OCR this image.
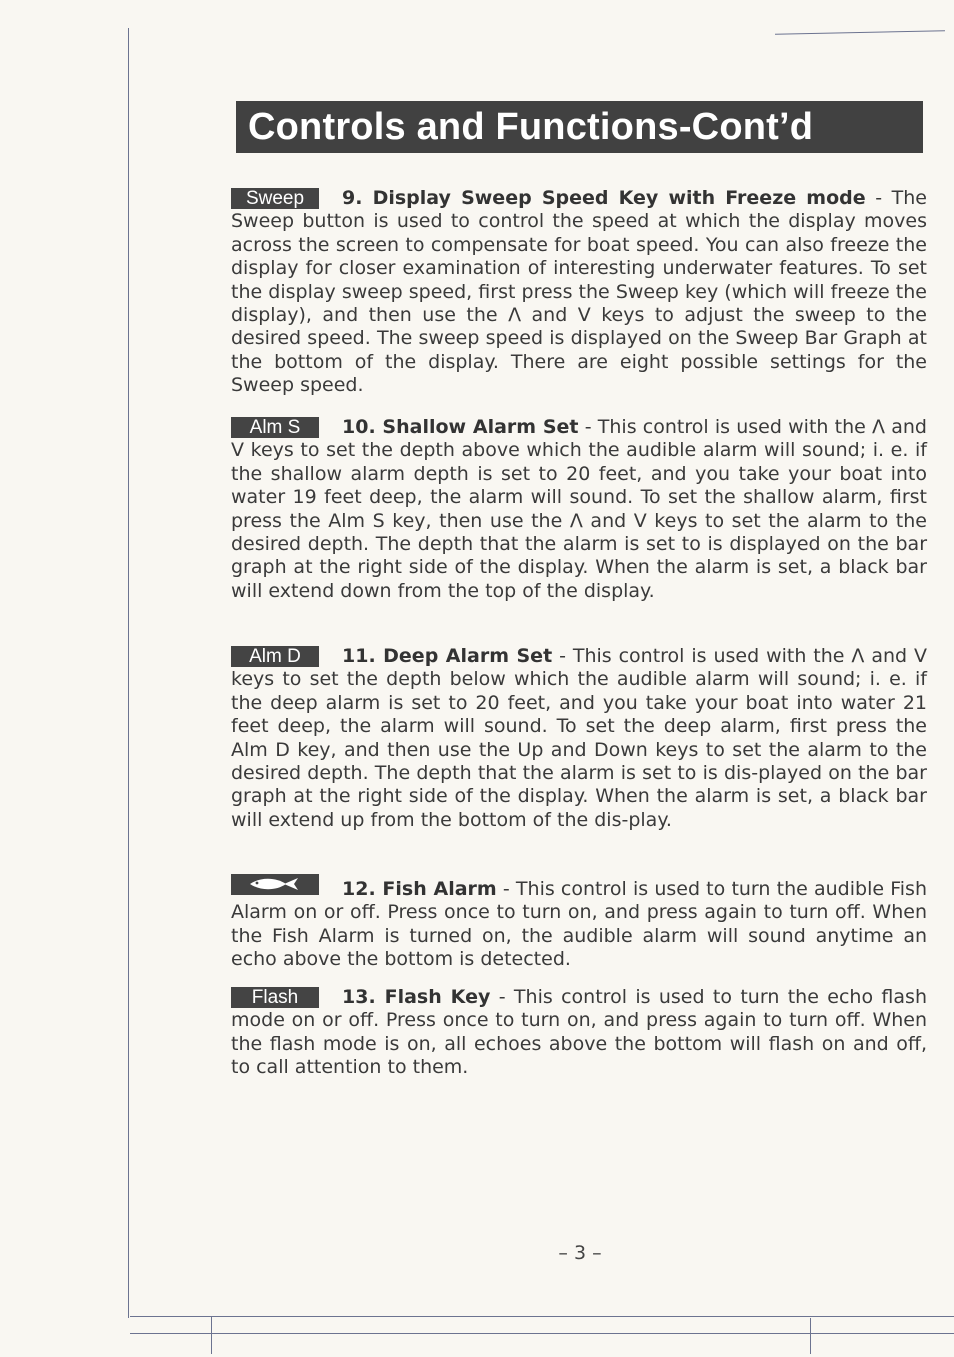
Controls and Functions-Cont’d
Sweep 9. Display Sweep Speed Key with Freeze mode - The Sweep button is used to control the speed at which the display moves across the screen to compensate for boat speed. You can also freeze the display for closer examination of interesting underwater features. To set the display sweep speed, first press the Sweep key (which will freeze the display), and then use the Λ and V keys to adjust the sweep to the desired speed. The sweep speed is displayed on the Sweep Bar Graph at the bottom of the display. There are eight possible settings for the Sweep speed.
Alm S 10. Shallow Alarm Set - This control is used with the Λ and V keys to set the depth above which the audible alarm will sound; i. e. if the shallow alarm depth is set to 20 feet, and you take your boat into water 19 feet deep, the alarm will sound. To set the shallow alarm, first press the Alm S key, then use the Λ and V keys to set the alarm to the desired depth. The depth that the alarm is set to is displayed on the bar graph at the right side of the display. When the alarm is set, a black bar will extend down from the top of the display.
Alm D 11. Deep Alarm Set - This control is used with the Λ and V keys to set the depth below which the audible alarm will sound; i. e. if the deep alarm is set to 20 feet, and you take your boat into water 21 feet deep, the alarm will sound. To set the deep alarm, first press the Alm D key, and then use the Up and Down keys to set the alarm to the desired depth. The depth that the alarm is set to is dis-played on the bar graph at the right side of the display. When the alarm is set, a black bar will extend up from the bottom of the dis-play.
12. Fish Alarm - This control is used to turn the audible Fish Alarm on or off. Press once to turn on, and press again to turn off. When the Fish Alarm is turned on, the audible alarm will sound anytime an echo above the bottom is detected.
Flash 13. Flash Key - This control is used to turn the echo flash mode on or off. Press once to turn on, and press again to turn off. When the flash mode is on, all echoes above the bottom will flash on and off, to call attention to them.
– 3 –
